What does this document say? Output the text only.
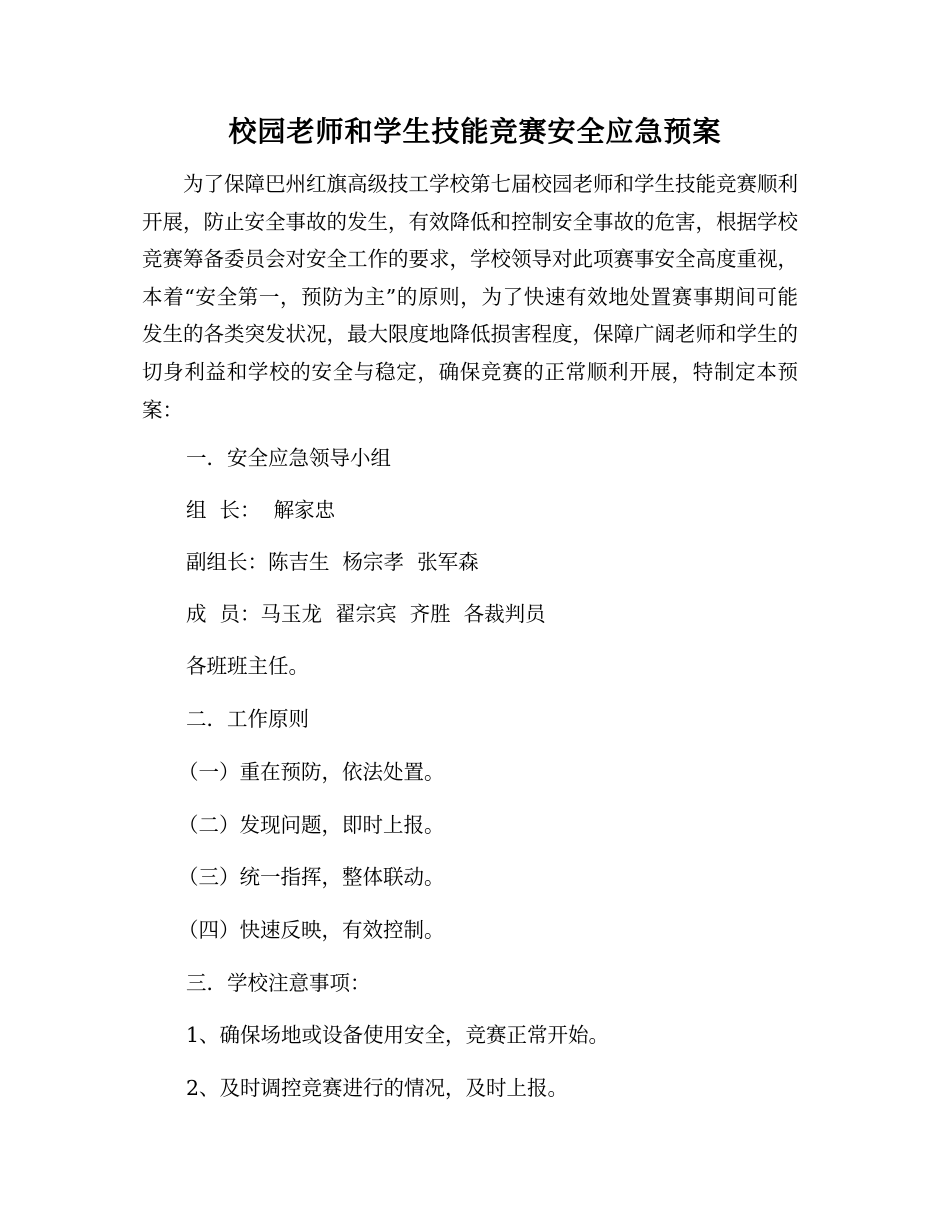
校园老师和学生技能竞赛安全应急预案

为了保障巴州红旗高级技工学校第七届校园老师和学生技能竞赛顺利开展，防止安全事故的发生，有效降低和控制安全事故的危害，根据学校竞赛筹备委员会对安全工作的要求，学校领导对此项赛事安全高度重视，本着“安全第一，预防为主”的原则，为了快速有效地处置赛事期间可能发生的各类突发状况，最大限度地降低损害程度，保障广阔老师和学生的切身利益和学校的安全与稳定，确保竞赛的正常顺利开展，特制定本预案：

一．安全应急领导小组

组  长：  解家忠

副组长：陈吉生  杨宗孝  张军森

成  员：马玉龙  翟宗宾  齐胜  各裁判员

各班班主任。

二．工作原则

（一）重在预防，依法处置。

（二）发现问题，即时上报。

（三）统一指挥，整体联动。

（四）快速反映，有效控制。

三．学校注意事项：

1、确保场地或设备使用安全，竞赛正常开始。

2、及时调控竞赛进行的情况，及时上报。
